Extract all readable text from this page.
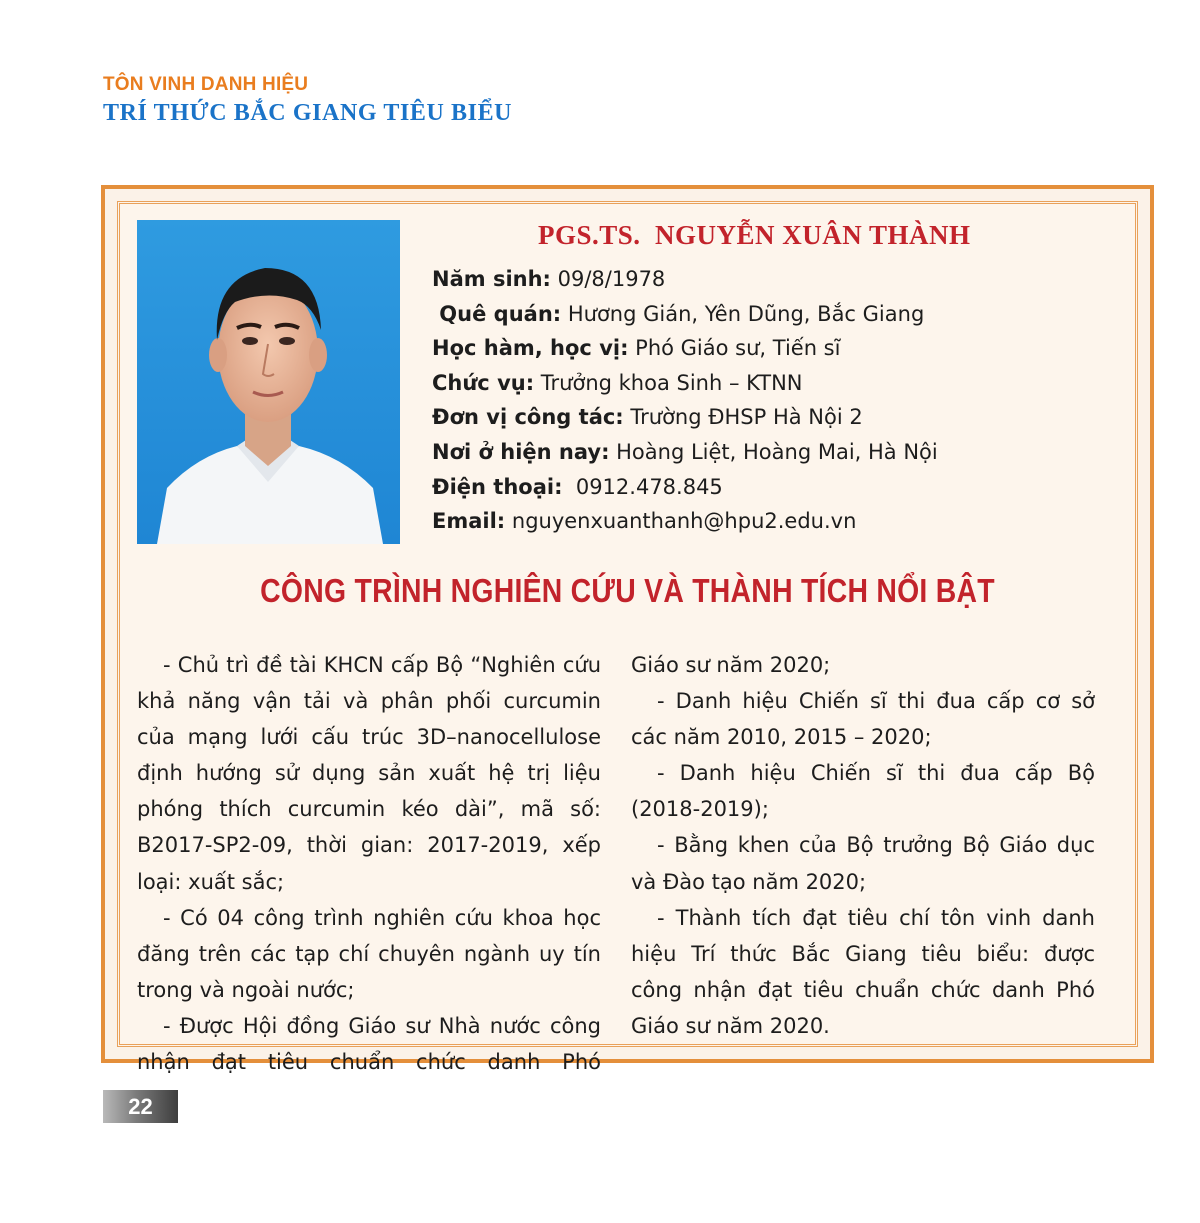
TÔN VINH DANH HIỆU
TRÍ THỨC BẮC GIANG TIÊU BIỂU
PGS.TS.  NGUYỄN XUÂN THÀNH
Năm sinh: 09/8/1978
Quê quán: Hương Gián, Yên Dũng, Bắc Giang
Học hàm, học vị: Phó Giáo sư, Tiến sĩ
Chức vụ: Trưởng khoa Sinh – KTNN
Đơn vị công tác: Trường ĐHSP Hà Nội 2
Nơi ở hiện nay: Hoàng Liệt, Hoàng Mai, Hà Nội
Điện thoại:  0912.478.845
Email: nguyenxuanthanh@hpu2.edu.vn
CÔNG TRÌNH NGHIÊN CỨU VÀ THÀNH TÍCH NỔI BẬT

- Chủ trì đề tài KHCN cấp Bộ “Nghiên cứu khả năng vận tải và phân phối curcumin của mạng lưới cấu trúc 3D–nanocellulose định hướng sử dụng sản xuất hệ trị liệu phóng thích curcumin kéo dài”, mã số: B2017-SP2-09, thời gian: 2017-2019, xếp loại: xuất sắc;

- Có 04 công trình nghiên cứu khoa học đăng trên các tạp chí chuyên ngành uy tín trong và ngoài nước;

- Được Hội đồng Giáo sư Nhà nước công nhận đạt tiêu chuẩn chức danh Phó

Giáo sư năm 2020;

- Danh hiệu Chiến sĩ thi đua cấp cơ sở các năm 2010, 2015 – 2020;

- Danh hiệu Chiến sĩ thi đua cấp Bộ (2018-2019);

- Bằng khen của Bộ trưởng Bộ Giáo dục và Đào tạo năm 2020;

- Thành tích đạt tiêu chí tôn vinh danh hiệu Trí thức Bắc Giang tiêu biểu: được công nhận đạt tiêu chuẩn chức danh Phó Giáo sư năm 2020.

22
